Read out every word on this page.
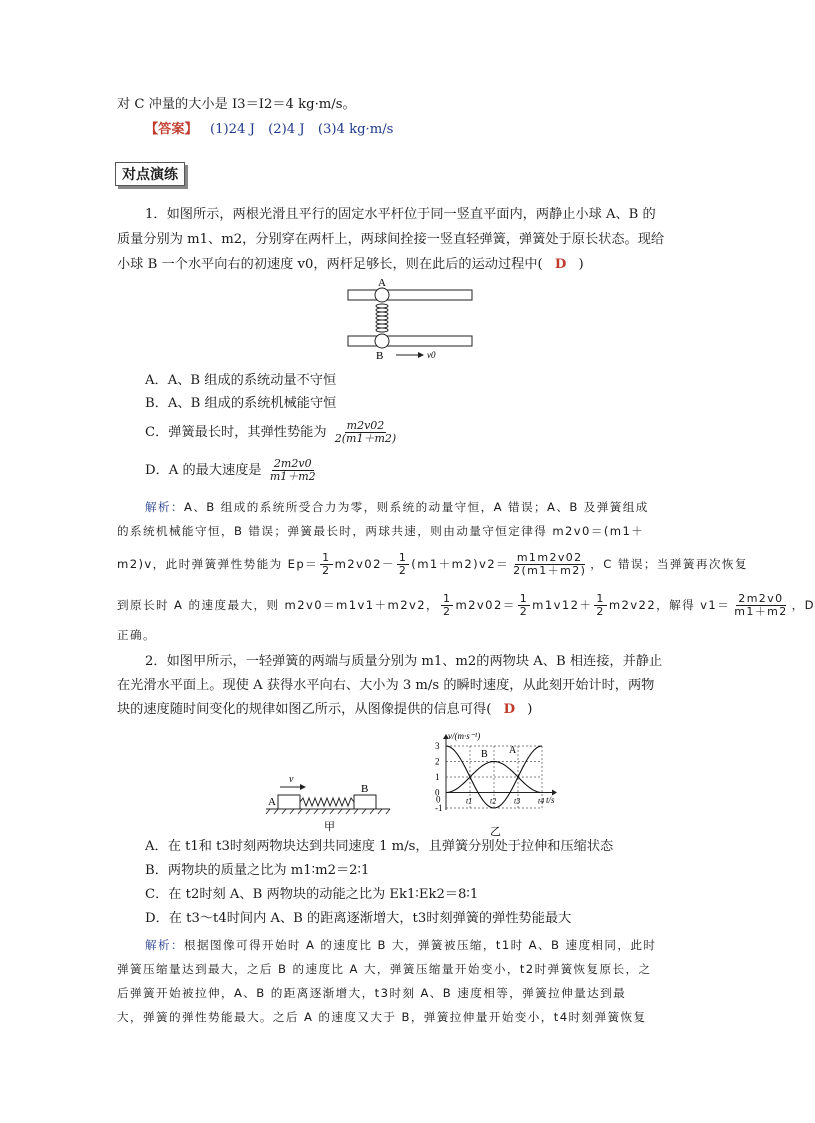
对 C 冲量的大小是 I3＝I2＝4 kg·m/s。
【答案】 (1)24 J　(2)4 J　(3)4 kg·m/s
对点演练
1．如图所示，两根光滑且平行的固定水平杆位于同一竖直平面内，两静止小球 A、B 的
质量分别为 m1、m2，分别穿在两杆上，两球间拴接一竖直轻弹簧，弹簧处于原长状态。现给
小球 B 一个水平向右的初速度 v0，两杆足够长，则在此后的运动过程中( D )
A
B	v0
A．A、B 组成的系统动量不守恒
B．A、B 组成的系统机械能守恒
C．弹簧最长时，其弹性势能为 $\frac{m2v02}{2(m1+m2)}$
D．A 的最大速度是 $\frac{2m2v0}{m1+m2}$
解析：A、B 组成的系统所受合力为零，则系统的动量守恒，A 错误；A、B 及弹簧组成
的系统机械能守恒，B 错误；弹簧最长时，两球共速，则由动量守恒定律得 m2v0＝(m1＋
m2)v，此时弹簧弹性势能为 $Ep= \frac{1}{2} m2v02- \frac{1}{2} (m1+m2)v2= \frac{m1m2v02}{2(m1+m2)}$ ，C 错误；当弹簧再次恢复
到原长时 A 的速度最大，则 m2v0＝m1v1＋m2v2， $\frac{1}{2} m2v02= \frac{1}{2} m1v12+ \frac{1}{2} m2v22$，解得 $v1= \frac{2m2v0}{m1+m2}$ ，D
正确。
2．如图甲所示，一轻弹簧的两端与质量分别为 m1、m2的两物块 A、B 相连接，并静止
在光滑水平面上。现使 A 获得水平向右、大小为 3 m/s 的瞬时速度，从此刻开始计时，两物
块的速度随时间变化的规律如图乙所示，从图像提供的信息可得( D )
v
A
B
甲
-1
0
1
2
3
t1 t2 t3 t4
0
v/(m·s⁻¹)
t/s
A
B
乙
A．在 t1和 t3时刻两物块达到共同速度 1 m/s，且弹簧分别处于拉伸和压缩状态
B．两物块的质量之比为 m1∶m2＝2∶1
C．在 t2时刻 A、B 两物块的动能之比为 Ek1∶Ek2＝8∶1
D．在 t3～t4时间内 A、B 的距离逐渐增大，t3时刻弹簧的弹性势能最大
解析：根据图像可得开始时 A 的速度比 B 大，弹簧被压缩，t1时 A、B 速度相同，此时
弹簧压缩量达到最大，之后 B 的速度比 A 大，弹簧压缩量开始变小，t2时弹簧恢复原长，之
后弹簧开始被拉伸，A、B 的距离逐渐增大，t3时刻 A、B 速度相等，弹簧拉伸量达到最
大，弹簧的弹性势能最大。之后 A 的速度又大于 B，弹簧拉伸量开始变小，t4时刻弹簧恢复
